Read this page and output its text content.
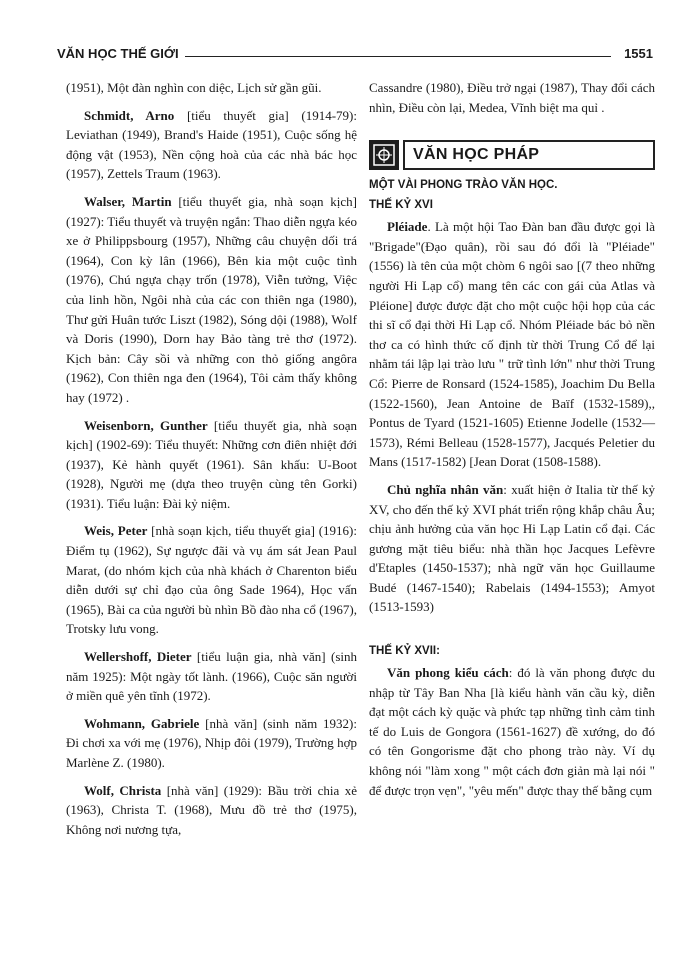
VĂN HỌC THẾ GIỚI	1551

(1951), Một đàn nghìn con diệc, Lịch sử gần gũi.

Schmidt, Arno [tiểu thuyết gia] (1914-79): Leviathan (1949), Brand's Haide (1951), Cuộc sống hệ động vật (1953), Nền cộng hoà của các nhà bác học (1957), Zettels Traum (1963).

Walser, Martin [tiểu thuyết gia, nhà soạn kịch] (1927): Tiểu thuyết và truyện ngắn: Thao diễn ngựa kéo xe ở Philippsbourg (1957), Những câu chuyện dối trá (1964), Con kỳ lân (1966), Bên kia một cuộc tình (1976), Chú ngựa chạy trốn (1978), Viễn tưởng, Việc của linh hồn, Ngôi nhà của các con thiên nga (1980), Thư gửi Huân tước Liszt (1982), Sóng dội (1988), Wolf và Doris (1990), Dorn hay Bảo tàng trẻ thơ (1972). Kịch bản: Cây sồi và những con thỏ giống angôra (1962), Con thiên nga đen (1964), Tôi cảm thấy không hay (1972) .

Weisenborn, Gunther [tiểu thuyết gia, nhà soạn kịch] (1902-69): Tiểu thuyết: Những cơn điên nhiệt đới (1937), Kẻ hành quyết (1961). Sân khấu: U-Boot (1928), Người mẹ (dựa theo truyện cùng tên Gorki) (1931). Tiểu luận: Đài kỷ niệm.

Weis, Peter [nhà soạn kịch, tiểu thuyết gia] (1916): Điểm tụ (1962), Sự ngược đãi và vụ ám sát Jean Paul Marat, (do nhóm kịch của nhà khách ở Charenton biểu diễn dưới sự chỉ đạo của ông Sade 1964), Học vấn (1965), Bài ca của người bù nhìn Bồ đào nha cổ (1967), Trotsky lưu vong.

Wellershoff, Dieter [tiểu luận gia, nhà văn] (sinh năm 1925): Một ngày tốt lành. (1966), Cuộc săn người ở miền quê yên tĩnh (1972).

Wohmann, Gabriele [nhà văn] (sinh năm 1932): Đi chơi xa với mẹ (1976), Nhịp đôi (1979), Trường hợp Marlène Z. (1980).

Wolf, Christa [nhà văn] (1929): Bầu trời chia xẻ (1963), Christa T. (1968), Mưu đồ trẻ thơ (1975), Không nơi nương tựa,

Cassandre (1980), Điều trở ngại (1987), Thay đổi cách nhìn, Điều còn lại, Medea, Vĩnh biệt ma quỉ .

VĂN HỌC PHÁP

MỘT VÀI PHONG TRÀO VĂN HỌC.

THẾ KỶ XVI

Pléiade. Là một hội Tao Đàn ban đầu được gọi là "Brigade"(Đạo quân), rồi sau đó đổi là "Pléiade" (1556) là tên của một chòm 6 ngôi sao [(7 theo những người Hi Lạp cổ) mang tên các con gái của Atlas và Pléione] được được đặt cho một cuộc hội họp của các thi sĩ cổ đại thời Hi Lạp cổ. Nhóm Pléiade bác bỏ nền thơ ca có hình thức cố định từ thời Trung Cổ để lại nhằm tái lập lại trào lưu " trữ tình lớn" như thời Trung Cổ: Pierre de Ronsard (1524-1585), Joachim Du Bella (1522-1560), Jean Antoine de Baïf (1532-1589),, Pontus de Tyard (1521-1605) Etienne Jodelle (1532—1573), Rémi Belleau (1528-1577), Jacqués Peletier du Mans (1517-1582) [Jean Dorat (1508-1588).

Chủ nghĩa nhân văn: xuất hiện ở Italia từ thế kỷ XV, cho đến thế kỷ XVI phát triển rộng khắp châu Âu; chịu ảnh hưởng của văn học Hi Lạp Latin cổ đại. Các gương mặt tiêu biểu: nhà thần học Jacques Lefèvre d'Etaples (1450-1537); nhà ngữ văn học Guillaume Budé (1467-1540); Rabelais (1494-1553); Amyot (1513-1593)

THẾ KỶ XVII:

Văn phong kiểu cách: đó là văn phong được du nhập từ Tây Ban Nha [là kiểu hành văn cầu kỳ, diễn đạt một cách kỳ quặc và phức tạp những tình cảm tinh tế do Luis de Gongora (1561-1627) đề xướng, do đó có tên Gongorisme đặt cho phong trào này. Ví dụ không nói "làm xong " một cách đơn giản mà lại nói " để được trọn vẹn", "yêu mến" được thay thế bằng cụm
